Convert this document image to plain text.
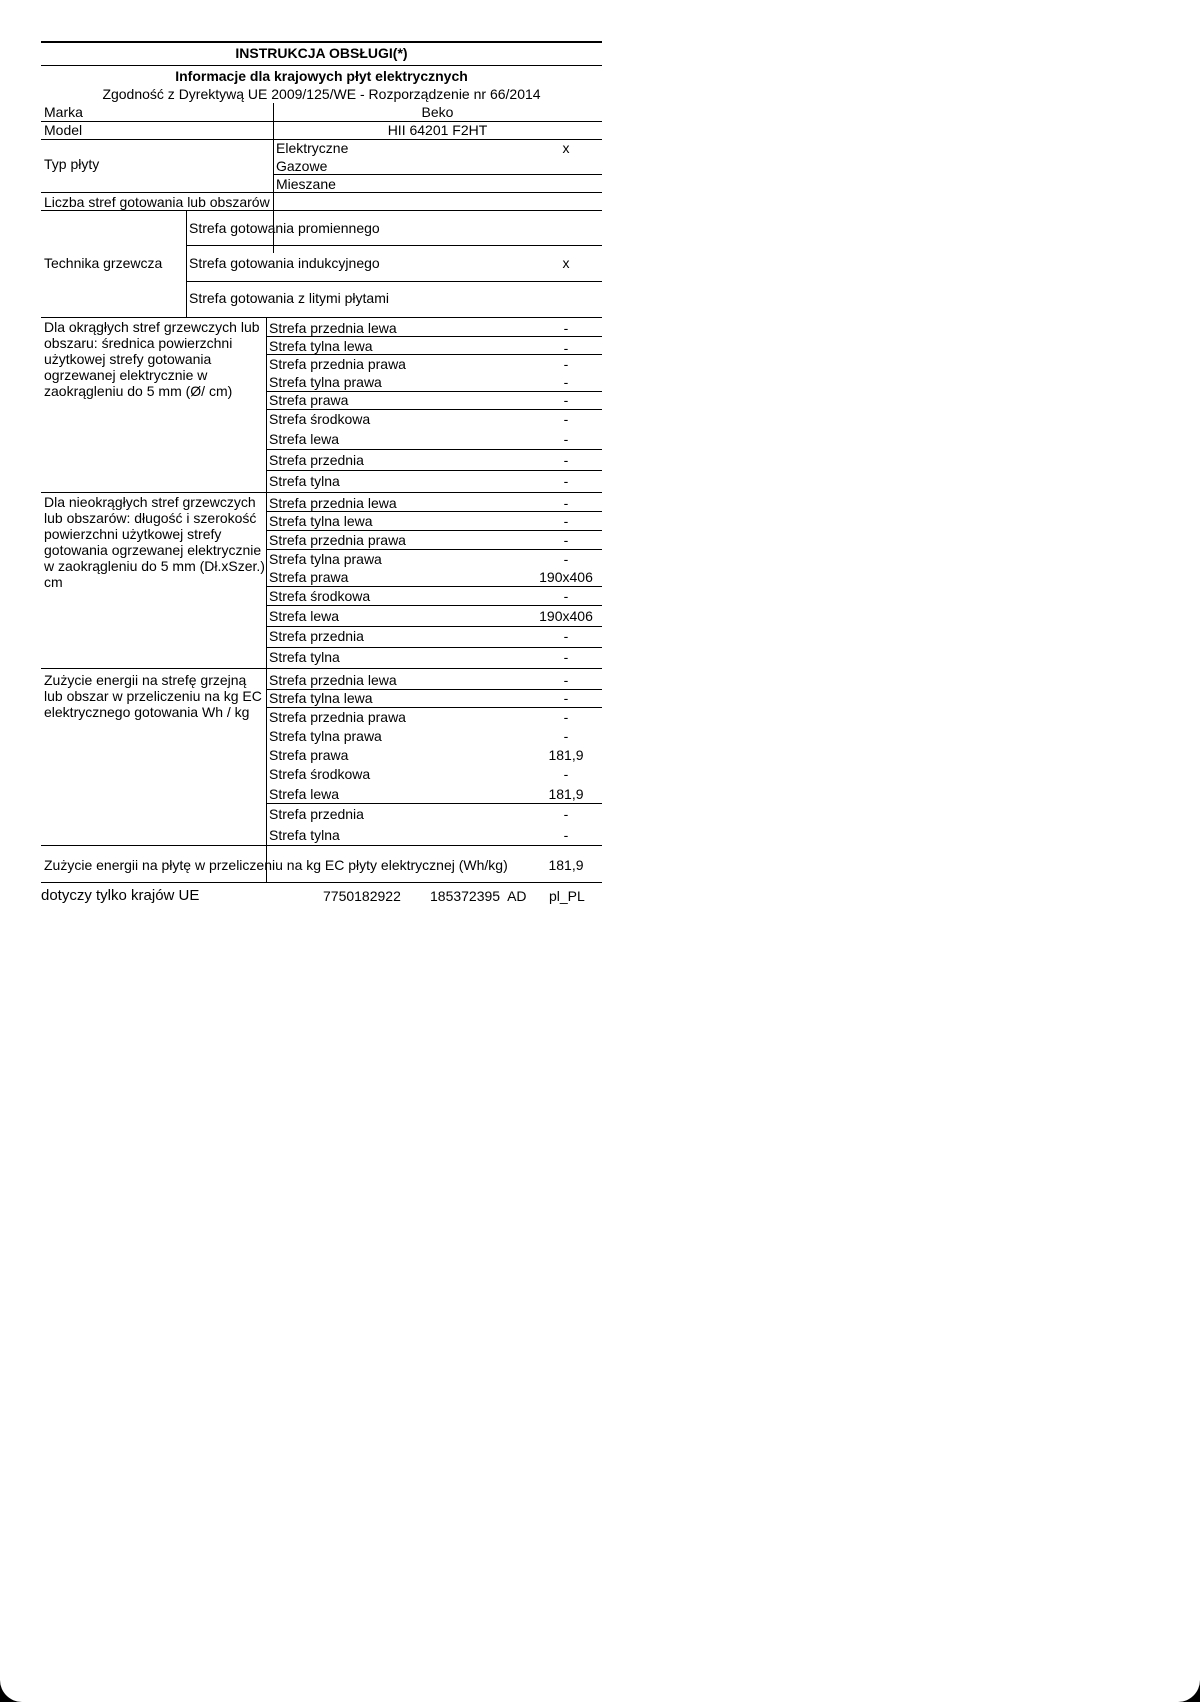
INSTRUKCJA OBSŁUGI(*)
Informacje dla krajowych płyt elektrycznych
Zgodność z Dyrektywą UE 2009/125/WE - Rozporządzenie nr 66/2014
Marka	Beko
Model	HII 64201 F2HT
Typ płyty
Elektryczne	x
Gazowe
Mieszane
Liczba stref gotowania lub obszarów
Technika grzewcza
Strefa gotowania promiennego
Strefa gotowania indukcyjnego	x
Strefa gotowania z litymi płytami
Dla okrągłych stref grzewczych lub obszaru: średnica powierzchni użytkowej strefy gotowania ogrzewanej elektrycznie w zaokrągleniu do 5 mm (Ø/ cm)
Strefa przednia lewa	-
Strefa tylna lewa	-
Strefa przednia prawa	-
Strefa tylna prawa	-
Strefa prawa	-
Strefa środkowa	-
Strefa lewa	-
Strefa przednia	-
Strefa tylna	-
Dla nieokrągłych stref grzewczych lub obszarów: długość i szerokość powierzchni użytkowej strefy gotowania ogrzewanej elektrycznie w zaokrągleniu do 5 mm (Dł.xSzer.) cm
Strefa przednia lewa	-
Strefa tylna lewa	-
Strefa przednia prawa	-
Strefa tylna prawa	-
Strefa prawa	190x406
Strefa środkowa	-
Strefa lewa	190x406
Strefa przednia	-
Strefa tylna	-
Zużycie energii na strefę grzejną lub obszar w przeliczeniu na kg EC elektrycznego gotowania Wh / kg
Strefa przednia lewa	-
Strefa tylna lewa	-
Strefa przednia prawa	-
Strefa tylna prawa	-
Strefa prawa	181,9
Strefa środkowa	-
Strefa lewa	181,9
Strefa przednia	-
Strefa tylna	-
Zużycie energii na płytę w przeliczeniu na kg EC płyty elektrycznej (Wh/kg)	181,9
dotyczy tylko krajów UE	7750182922 185372395  AD pl_PL
